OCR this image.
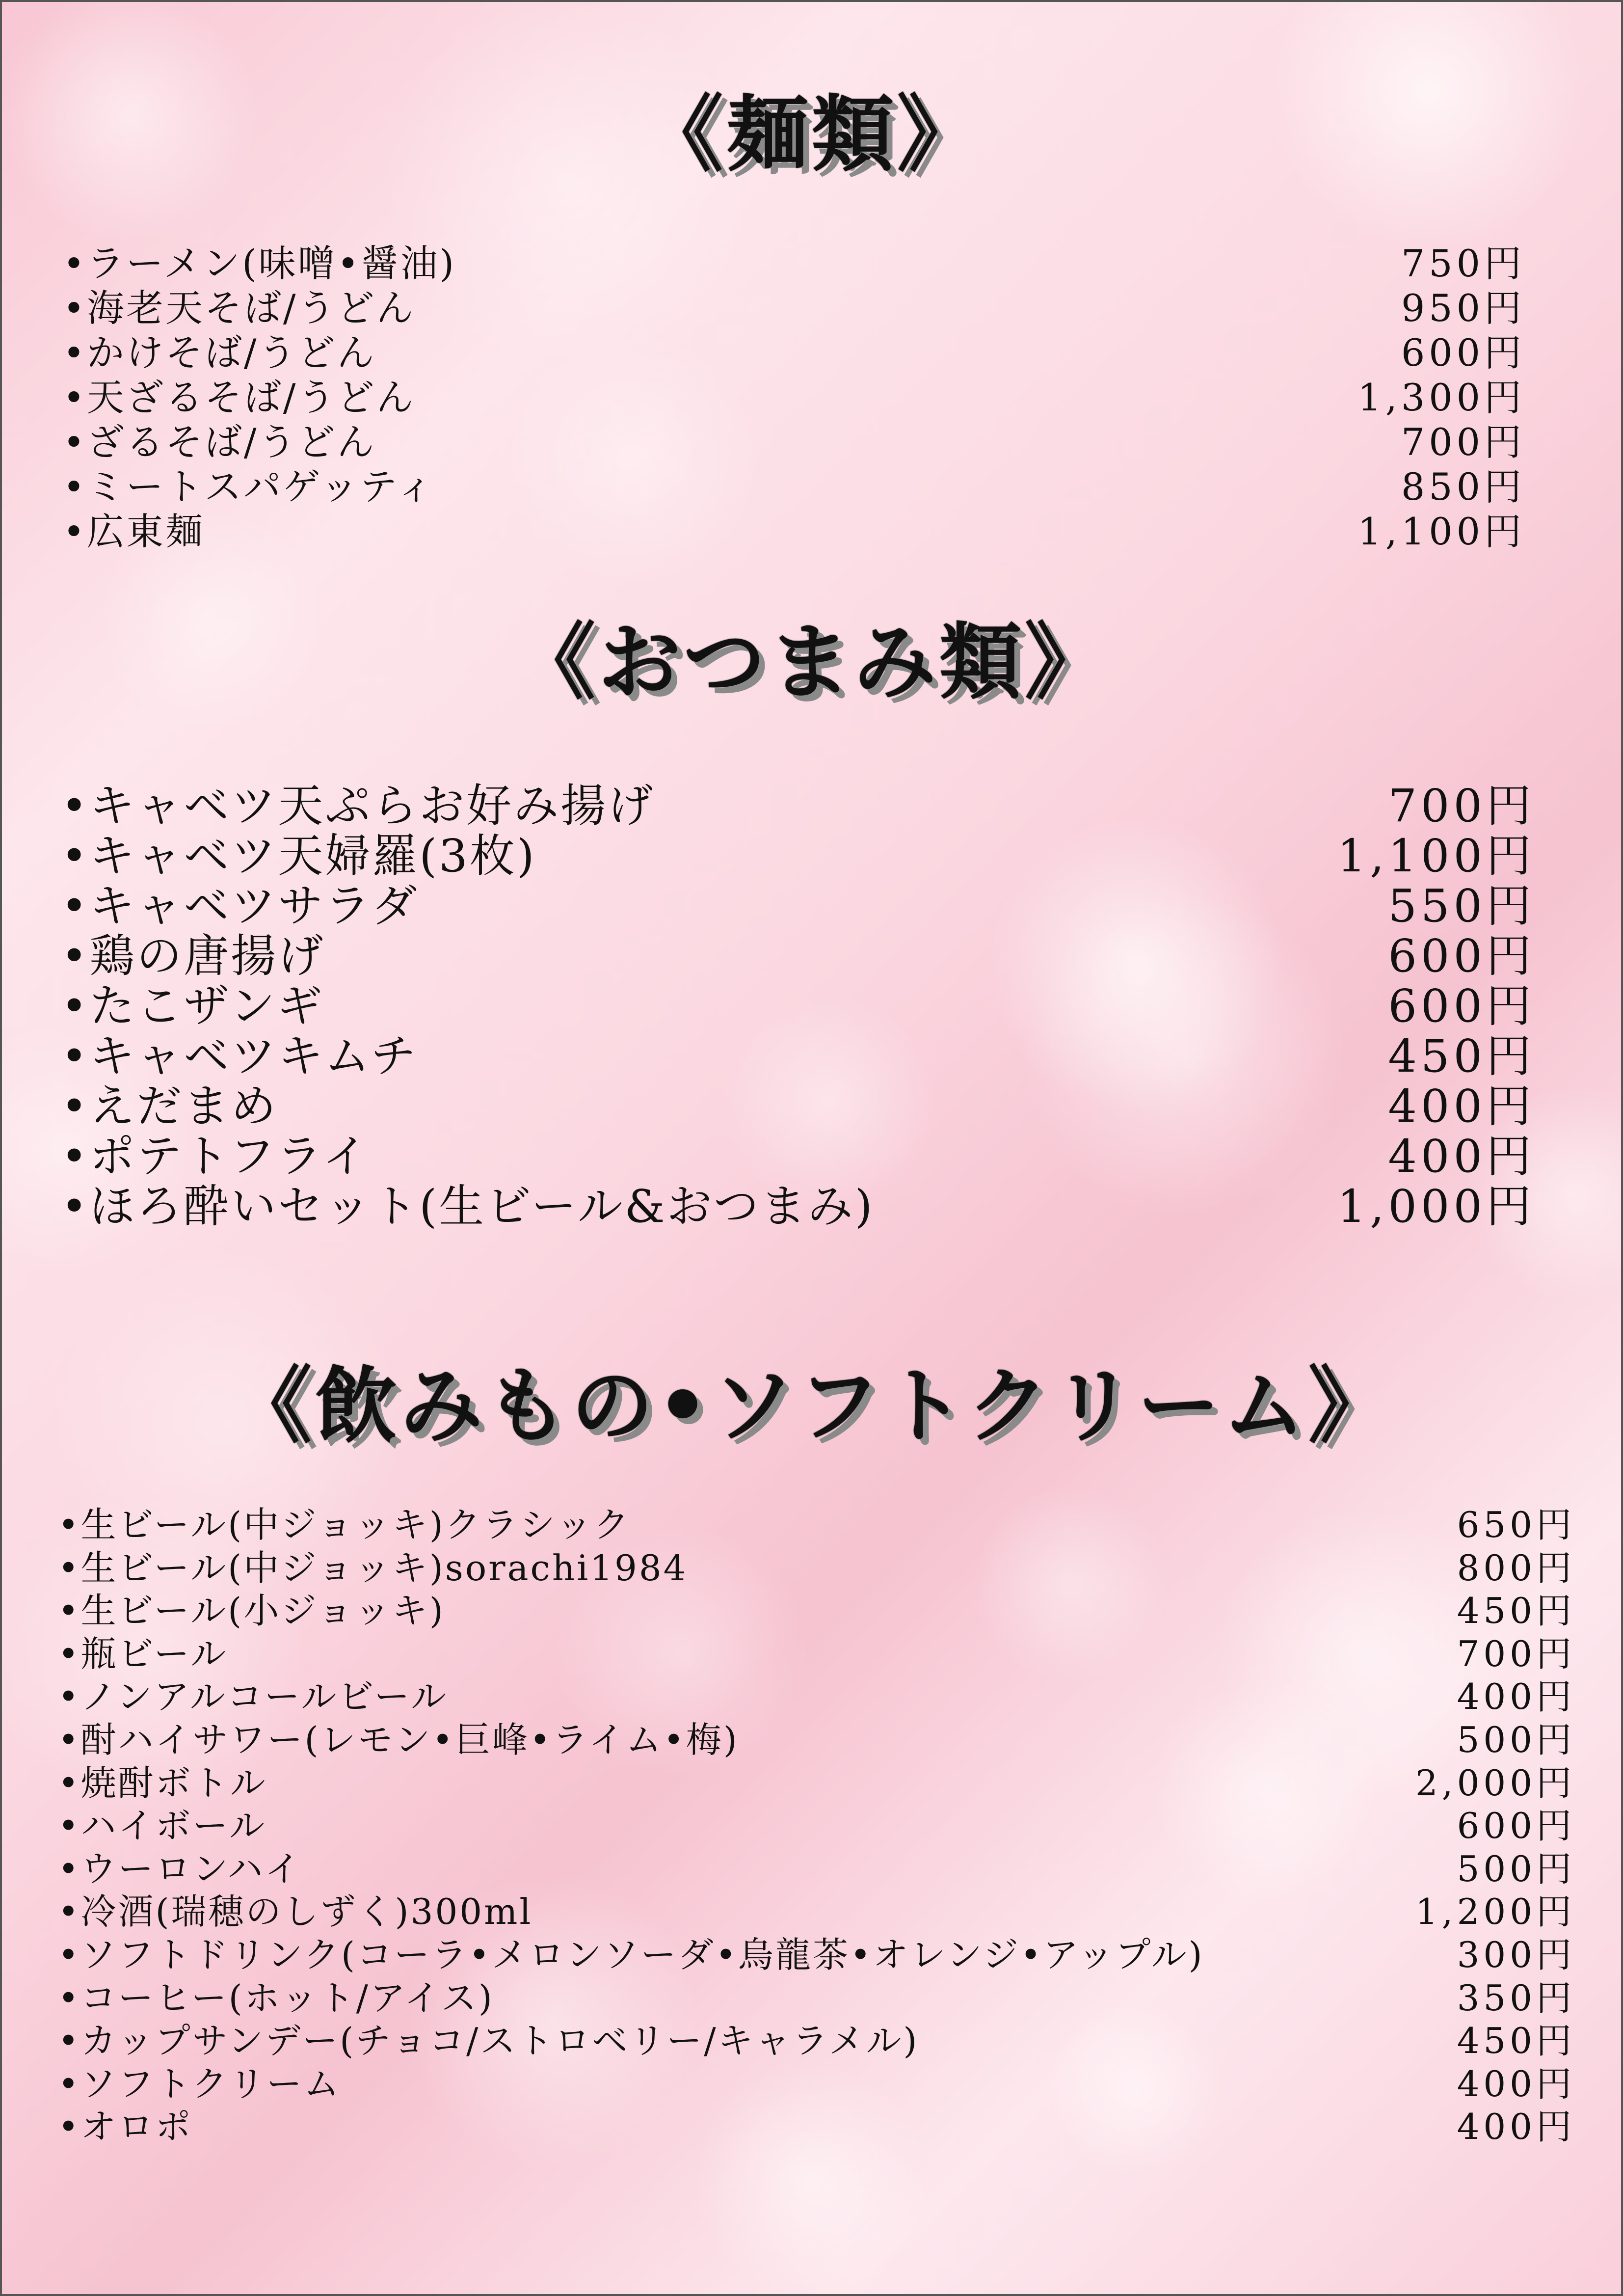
《麺類》
•ラーメン(味噌•醤油)	750円
•海老天そば/うどん	950円
•かけそば/うどん	600円
•天ざるそば/うどん	1,300円
•ざるそば/うどん	700円
•ミートスパゲッティ	850円
•広東麺	1,100円
《おつまみ類》
•キャベツ天ぷらお好み揚げ	700円
•キャベツ天婦羅(3枚)	1,100円
•キャベツサラダ	550円
•鶏の唐揚げ	600円
•たこザンギ	600円
•キャベツキムチ	450円
•えだまめ	400円
•ポテトフライ	400円
•ほろ酔いセット(生ビール&おつまみ)	1,000円
《飲みもの•ソフトクリーム》
•生ビール(中ジョッキ)クラシック	650円
•生ビール(中ジョッキ)sorachi1984	800円
•生ビール(小ジョッキ)	450円
•瓶ビール	700円
•ノンアルコールビール	400円
•酎ハイサワー(レモン•巨峰•ライム•梅)	500円
•焼酎ボトル	2,000円
•ハイボール	600円
•ウーロンハイ	500円
•冷酒(瑞穂のしずく)300ml	1,200円
•ソフトドリンク(コーラ•メロンソーダ•烏龍茶•オレンジ•アップル)	300円
•コーヒー(ホット/アイス)	350円
•カップサンデー(チョコ/ストロベリー/キャラメル)	450円
•ソフトクリーム	400円
•オロポ	400円
